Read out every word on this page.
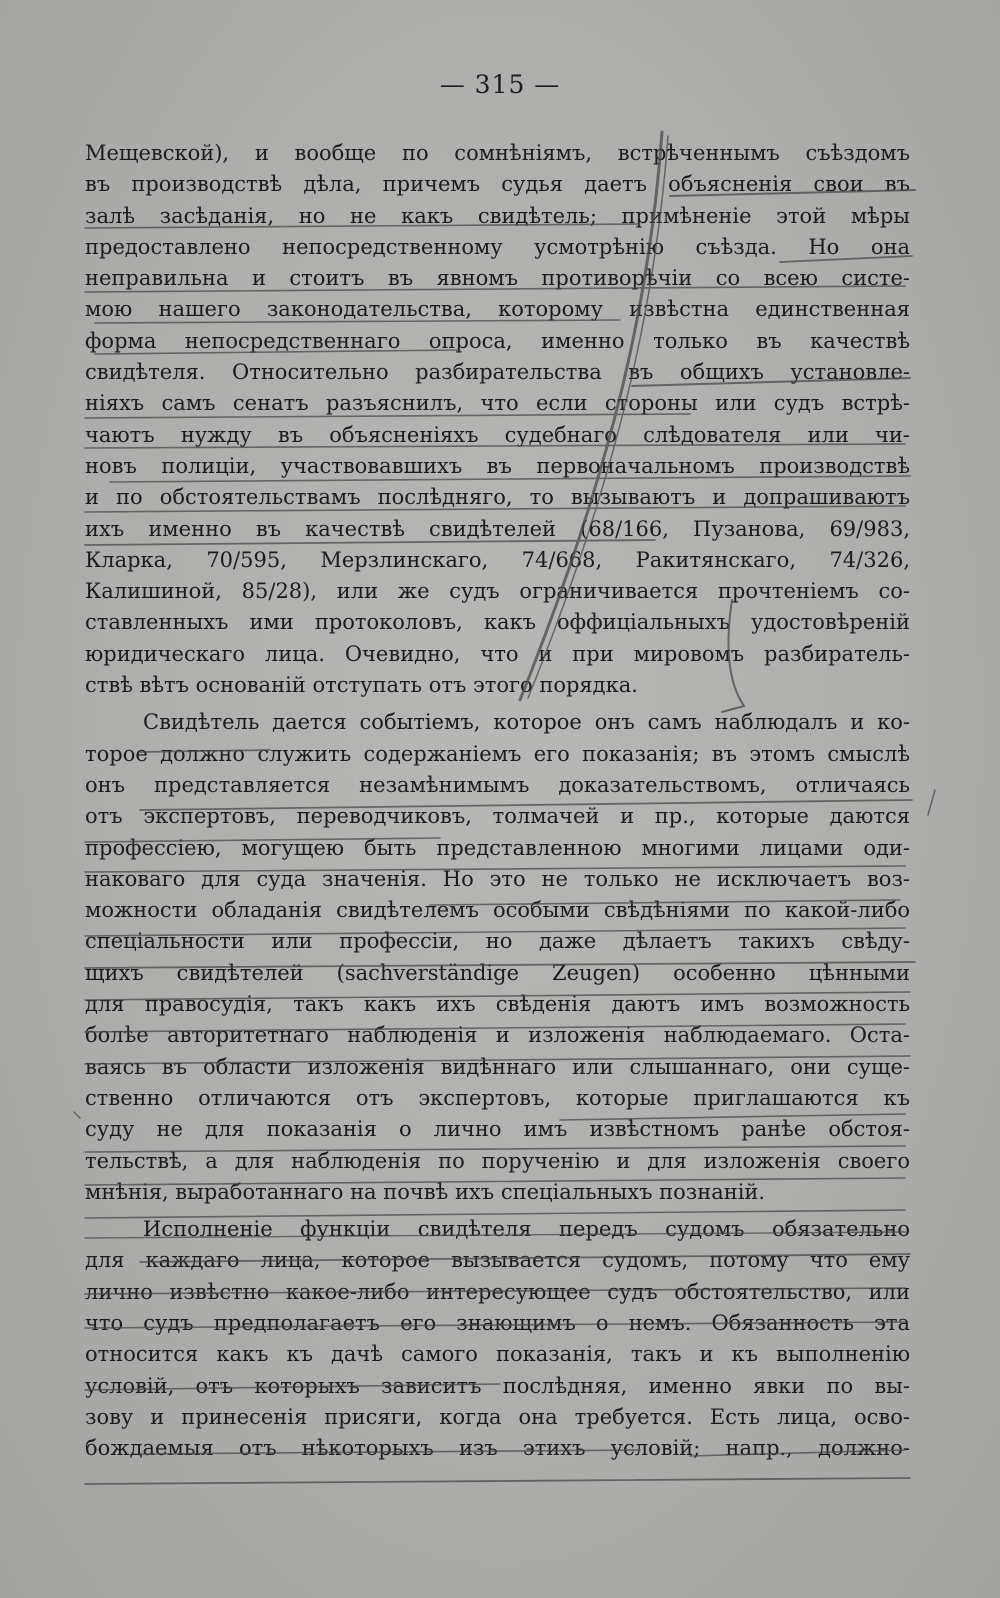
— 315 —
Мещевской), и вообще по сомнѣніямъ, встрѣченнымъ съѣздомъ
въ производствѣ дѣла, причемъ судья даетъ объясненія свои въ
залѣ засѣданія, но не какъ свидѣтель; примѣненіе этой мѣры
предоставлено непосредственному усмотрѣнію съѣзда. Но она
неправильна и стоитъ въ явномъ противорѣчіи со всею систе-
мою нашего законодательства, которому извѣстна единственная
форма непосредственнаго опроса, именно только въ качествѣ
свидѣтеля. Относительно разбирательства въ общихъ установле-
ніяхъ самъ сенатъ разъяснилъ, что если стороны или судъ встрѣ-
чаютъ нужду въ объясненіяхъ судебнаго слѣдователя или чи-
новъ полиціи, участвовавшихъ въ первоначальномъ производствѣ
и по обстоятельствамъ послѣдняго, то вызываютъ и допрашиваютъ
ихъ именно въ качествѣ свидѣтелей (68/166, Пузанова, 69/983,
Кларка, 70/595, Мерзлинскаго, 74/668, Ракитянскаго, 74/326,
Калишиной, 85/28), или же судъ ограничивается прочтеніемъ со-
ставленныхъ ими протоколовъ, какъ оффиціальныхъ удостовѣреній
юридическаго лица. Очевидно, что и при мировомъ разбиратель-
ствѣ вѣтъ основаній отступать отъ этого порядка.
Свидѣтель дается событіемъ, которое онъ самъ наблюдалъ и ко-
торое должно служить содержаніемъ его показанія; въ этомъ смыслѣ
онъ представляется незамѣнимымъ доказательствомъ, отличаясь
отъ экспертовъ, переводчиковъ, толмачей и пр., которые даются
профессіею, могущею быть представленною многими лицами оди-
наковаго для суда значенія. Но это не только не исключаетъ воз-
можности обладанія свидѣтелемъ особыми свѣдѣніями по какой-либо
спеціальности или профессіи, но даже дѣлаетъ такихъ свѣду-
щихъ свидѣтелей (sachverständige Zeugen) особенно цѣнными
для правосудія, такъ какъ ихъ свѣденія даютъ имъ возможность
болѣе авторитетнаго наблюденія и изложенія наблюдаемаго. Оста-
ваясь въ области изложенія видѣннаго или слышаннаго, они суще-
ственно отличаются отъ экспертовъ, которые приглашаются къ
суду не для показанія о лично имъ извѣстномъ ранѣе обстоя-
тельствѣ, а для наблюденія по порученію и для изложенія своего
мнѣнія, выработаннаго на почвѣ ихъ спеціальныхъ познаній.
Исполненіе функціи свидѣтеля передъ судомъ обязательно
для каждаго лица, которое вызывается судомъ, потому что ему
лично извѣстно какое-либо интересующее судъ обстоятельство, или
что судъ предполагаетъ его знающимъ о немъ. Обязанность эта
относится какъ къ дачѣ самого показанія, такъ и къ выполненію
условій, отъ которыхъ зависитъ послѣдняя, именно явки по вы-
зову и принесенія присяги, когда она требуется. Есть лица, осво-
бождаемыя отъ нѣкоторыхъ изъ этихъ условій; напр., должно-
